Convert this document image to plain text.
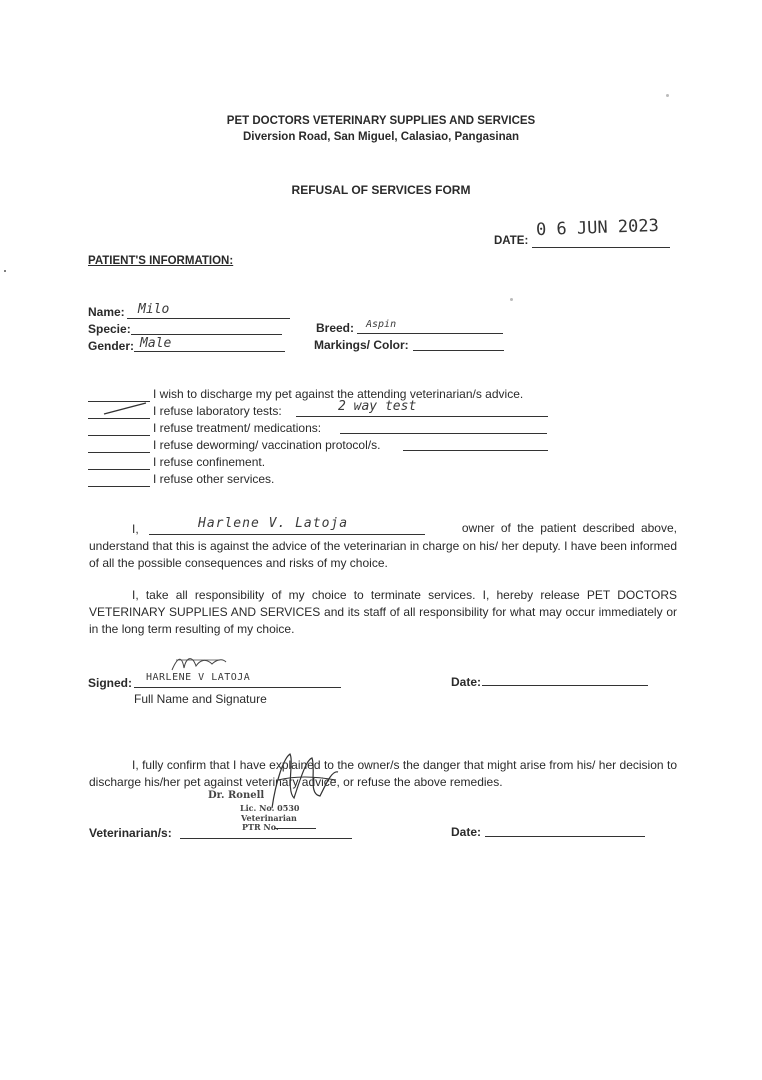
PET DOCTORS VETERINARY SUPPLIES AND SERVICES
Diversion Road, San Miguel, Calasiao, Pangasinan
REFUSAL OF SERVICES FORM
DATE:
0 6 JUN 2023
PATIENT'S INFORMATION:
Name: Milo
Specie:
Gender: Male
Breed: Aspin
Markings/ Color:
I wish to discharge my pet against the attending veterinarian/s advice.
I refuse laboratory tests:	2 way test
I refuse treatment/ medications:
I refuse deworming/ vaccination protocol/s.
I refuse confinement.
I refuse other services.
I,	Harlene V. Latoja	owner of the patient described above,
understand that this is against the advice of the veterinarian in charge on his/ her deputy. I have been informed of all the possible consequences and risks of my choice.
I, take all responsibility of my choice to terminate services. I, hereby release PET DOCTORS VETERINARY SUPPLIES AND SERVICES and its staff of all responsibility for what may occur immediately or in the long term resulting of my choice.
Signed: HARLENE V LATOJA
Full Name and Signature
Date:
I, fully confirm that I have explained to the owner/s the danger that might arise from his/ her decision to discharge his/her pet against veterinary advice, or refuse the above remedies.
Dr. Ronell
Lic. No. 0530
Veterinarian
PTR No.
Veterinarian/s:	Date:
